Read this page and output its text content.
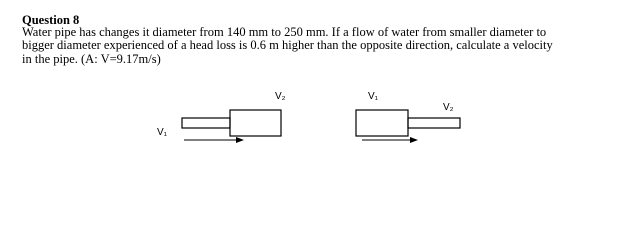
Question 8
Water pipe has changes it diameter from 140 mm to 250 mm. If a flow of water from smaller diameter to
bigger diameter experienced of a head loss is 0.6 m higher than the opposite direction, calculate a velocity
in the pipe. (A: V=9.17m/s)
V₁
V₂	V₁
V₂
